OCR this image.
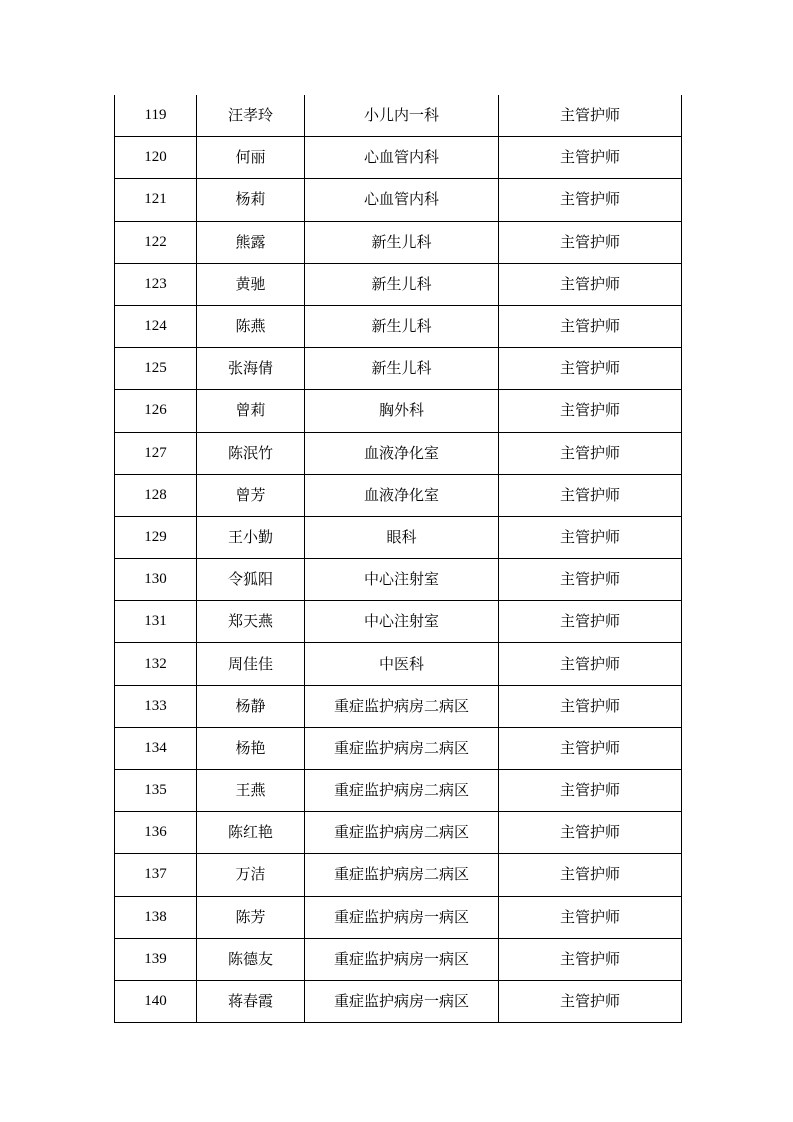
119	汪孝玲	小儿内一科	主管护师
120	何丽	心血管内科	主管护师
121	杨莉	心血管内科	主管护师
122	熊露	新生儿科	主管护师
123	黄驰	新生儿科	主管护师
124	陈燕	新生儿科	主管护师
125	张海倩	新生儿科	主管护师
126	曾莉	胸外科	主管护师
127	陈泯竹	血液净化室	主管护师
128	曾芳	血液净化室	主管护师
129	王小勤	眼科	主管护师
130	令狐阳	中心注射室	主管护师
131	郑天燕	中心注射室	主管护师
132	周佳佳	中医科	主管护师
133	杨静	重症监护病房二病区	主管护师
134	杨艳	重症监护病房二病区	主管护师
135	王燕	重症监护病房二病区	主管护师
136	陈红艳	重症监护病房二病区	主管护师
137	万洁	重症监护病房二病区	主管护师
138	陈芳	重症监护病房一病区	主管护师
139	陈德友	重症监护病房一病区	主管护师
140	蒋春霞	重症监护病房一病区	主管护师
